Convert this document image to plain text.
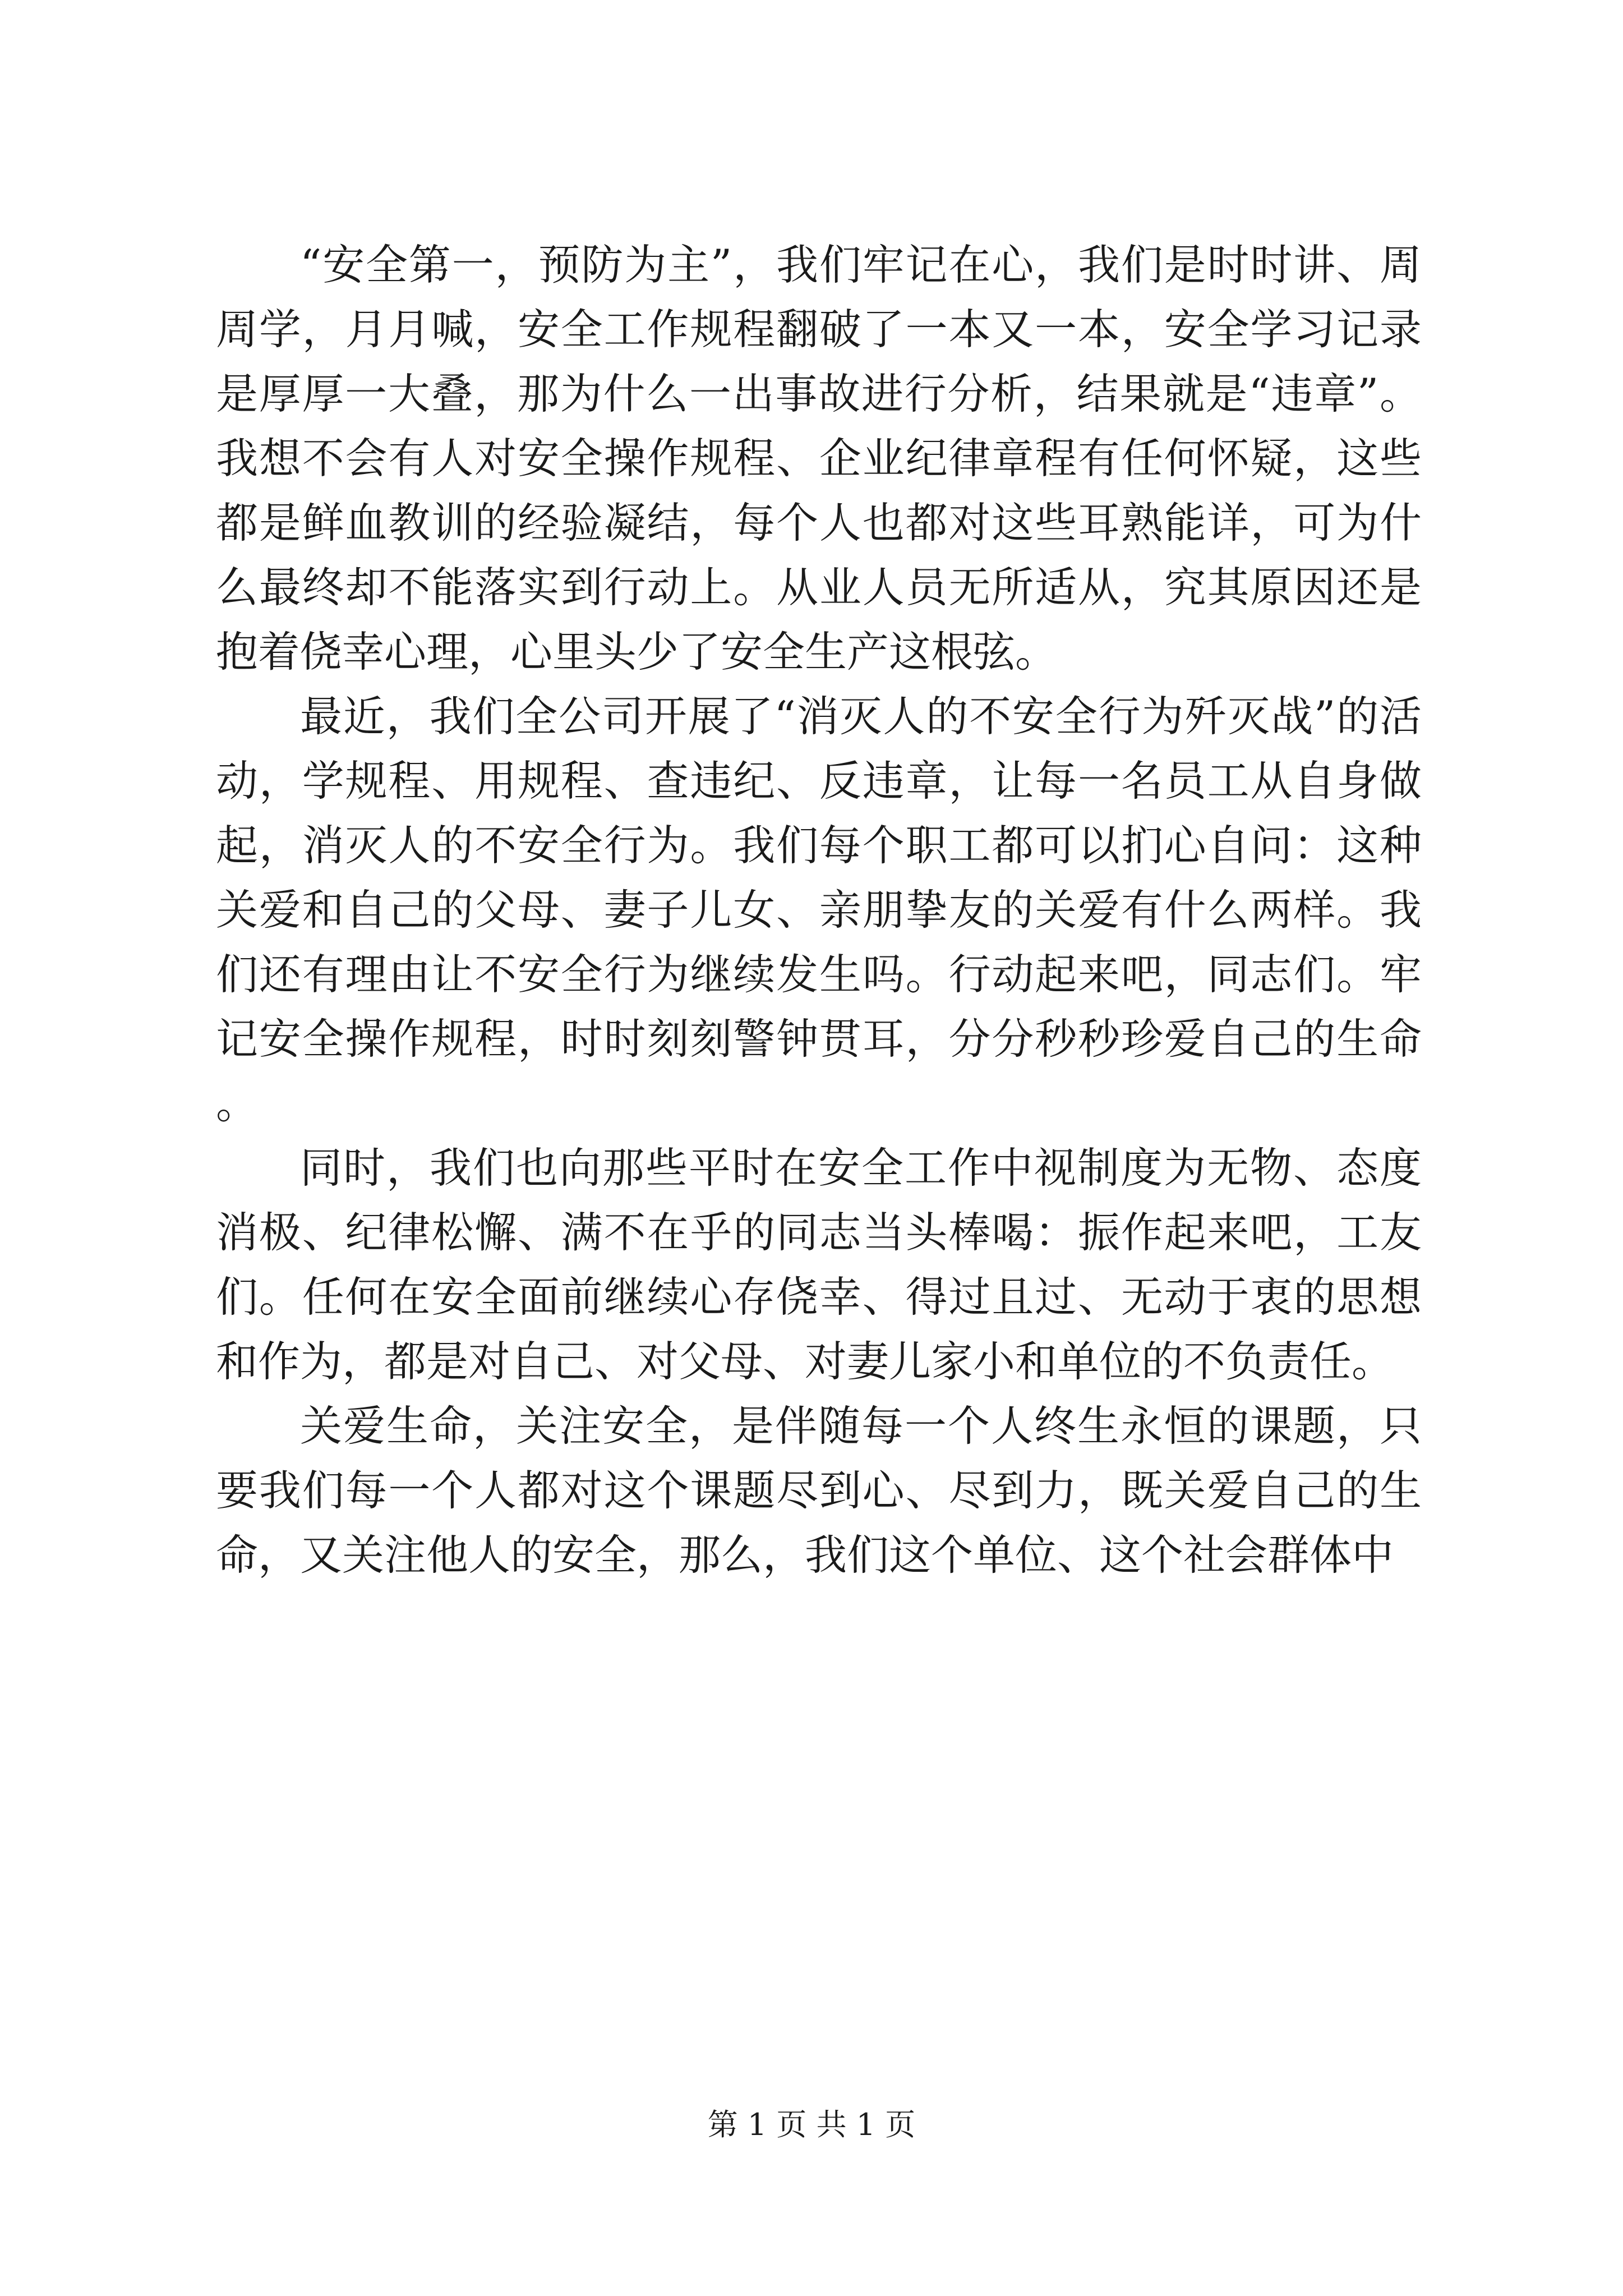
“安全第一，预防为主”，我们牢记在心，我们是时时讲、周周学，月月喊，安全工作规程翻破了一本又一本，安全学习记录是厚厚一大叠，那为什么一出事故进行分析，结果就是“违章”。我想不会有人对安全操作规程、企业纪律章程有任何怀疑，这些都是鲜血教训的经验凝结，每个人也都对这些耳熟能详，可为什么最终却不能落实到行动上。从业人员无所适从，究其原因还是抱着侥幸心理，心里头少了安全生产这根弦。

最近，我们全公司开展了“消灭人的不安全行为歼灭战”的活动，学规程、用规程、查违纪、反违章，让每一名员工从自身做起，消灭人的不安全行为。我们每个职工都可以扪心自问：这种关爱和自己的父母、妻子儿女、亲朋挚友的关爱有什么两样。我们还有理由让不安全行为继续发生吗。行动起来吧，同志们。牢记安全操作规程，时时刻刻警钟贯耳，分分秒秒珍爱自己的生命。

同时，我们也向那些平时在安全工作中视制度为无物、态度消极、纪律松懈、满不在乎的同志当头棒喝：振作起来吧，工友们。任何在安全面前继续心存侥幸、得过且过、无动于衷的思想和作为，都是对自己、对父母、对妻儿家小和单位的不负责任。

关爱生命，关注安全，是伴随每一个人终生永恒的课题，只要我们每一个人都对这个课题尽到心、尽到力，既关爱自己的生命，又关注他人的安全，那么，我们这个单位、这个社会群体中

第 1 页 共 1 页
